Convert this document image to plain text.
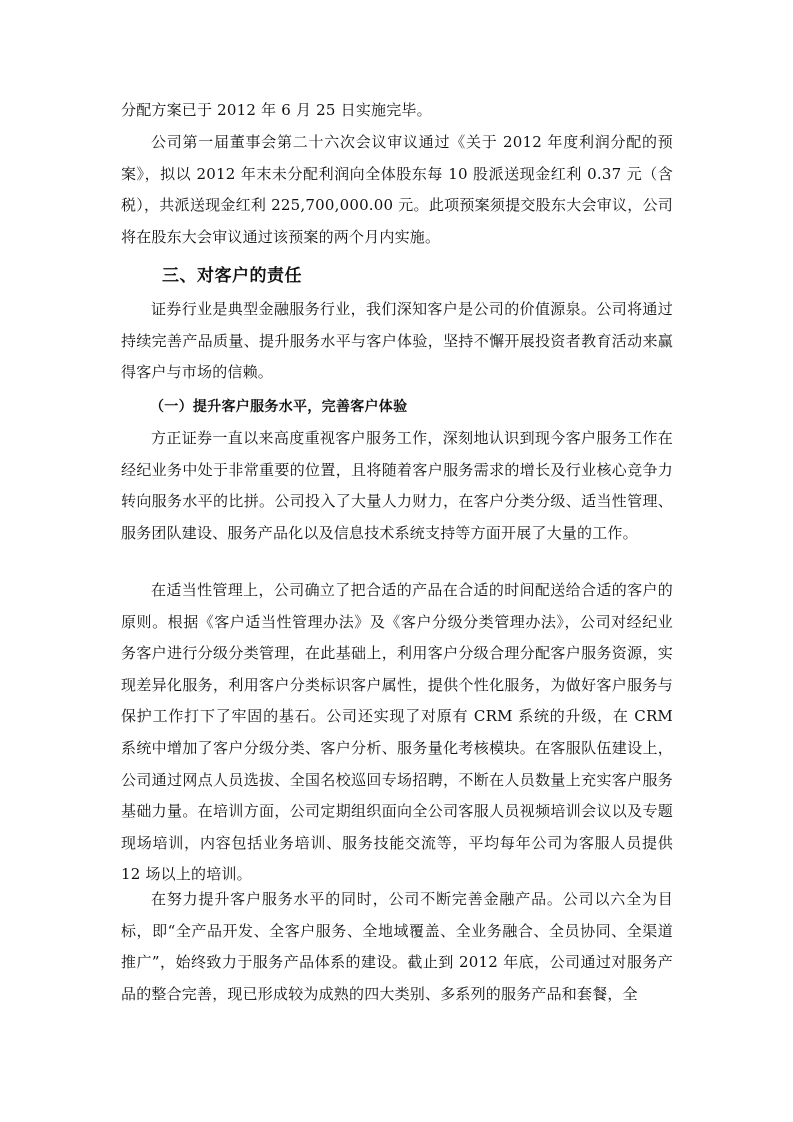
分配方案已于 2012 年 6 月 25 日实施完毕。

公司第一届董事会第二十六次会议审议通过《关于 2012 年度利润分配的预案》，拟以 2012 年末未分配利润向全体股东每 10 股派送现金红利 0.37 元（含税），共派送现金红利 225,700,000.00 元。此项预案须提交股东大会审议，公司将在股东大会审议通过该预案的两个月内实施。

三、对客户的责任

证券行业是典型金融服务行业，我们深知客户是公司的价值源泉。公司将通过持续完善产品质量、提升服务水平与客户体验，坚持不懈开展投资者教育活动来赢得客户与市场的信赖。

（一）提升客户服务水平，完善客户体验

方正证券一直以来高度重视客户服务工作，深刻地认识到现今客户服务工作在经纪业务中处于非常重要的位置，且将随着客户服务需求的增长及行业核心竞争力转向服务水平的比拼。公司投入了大量人力财力，在客户分类分级、适当性管理、服务团队建设、服务产品化以及信息技术系统支持等方面开展了大量的工作。

在适当性管理上，公司确立了把合适的产品在合适的时间配送给合适的客户的原则。根据《客户适当性管理办法》及《客户分级分类管理办法》，公司对经纪业务客户进行分级分类管理，在此基础上，利用客户分级合理分配客户服务资源，实现差异化服务，利用客户分类标识客户属性，提供个性化服务，为做好客户服务与保护工作打下了牢固的基石。公司还实现了对原有 CRM 系统的升级，在 CRM 系统中增加了客户分级分类、客户分析、服务量化考核模块。在客服队伍建设上，公司通过网点人员选拔、全国名校巡回专场招聘，不断在人员数量上充实客户服务基础力量。在培训方面，公司定期组织面向全公司客服人员视频培训会议以及专题现场培训，内容包括业务培训、服务技能交流等，平均每年公司为客服人员提供 12 场以上的培训。

在努力提升客户服务水平的同时，公司不断完善金融产品。公司以六全为目标，即“全产品开发、全客户服务、全地域覆盖、全业务融合、全员协同、全渠道推广”，始终致力于服务产品体系的建设。截止到 2012 年底，公司通过对服务产品的整合完善，现已形成较为成熟的四大类别、多系列的服务产品和套餐，全
